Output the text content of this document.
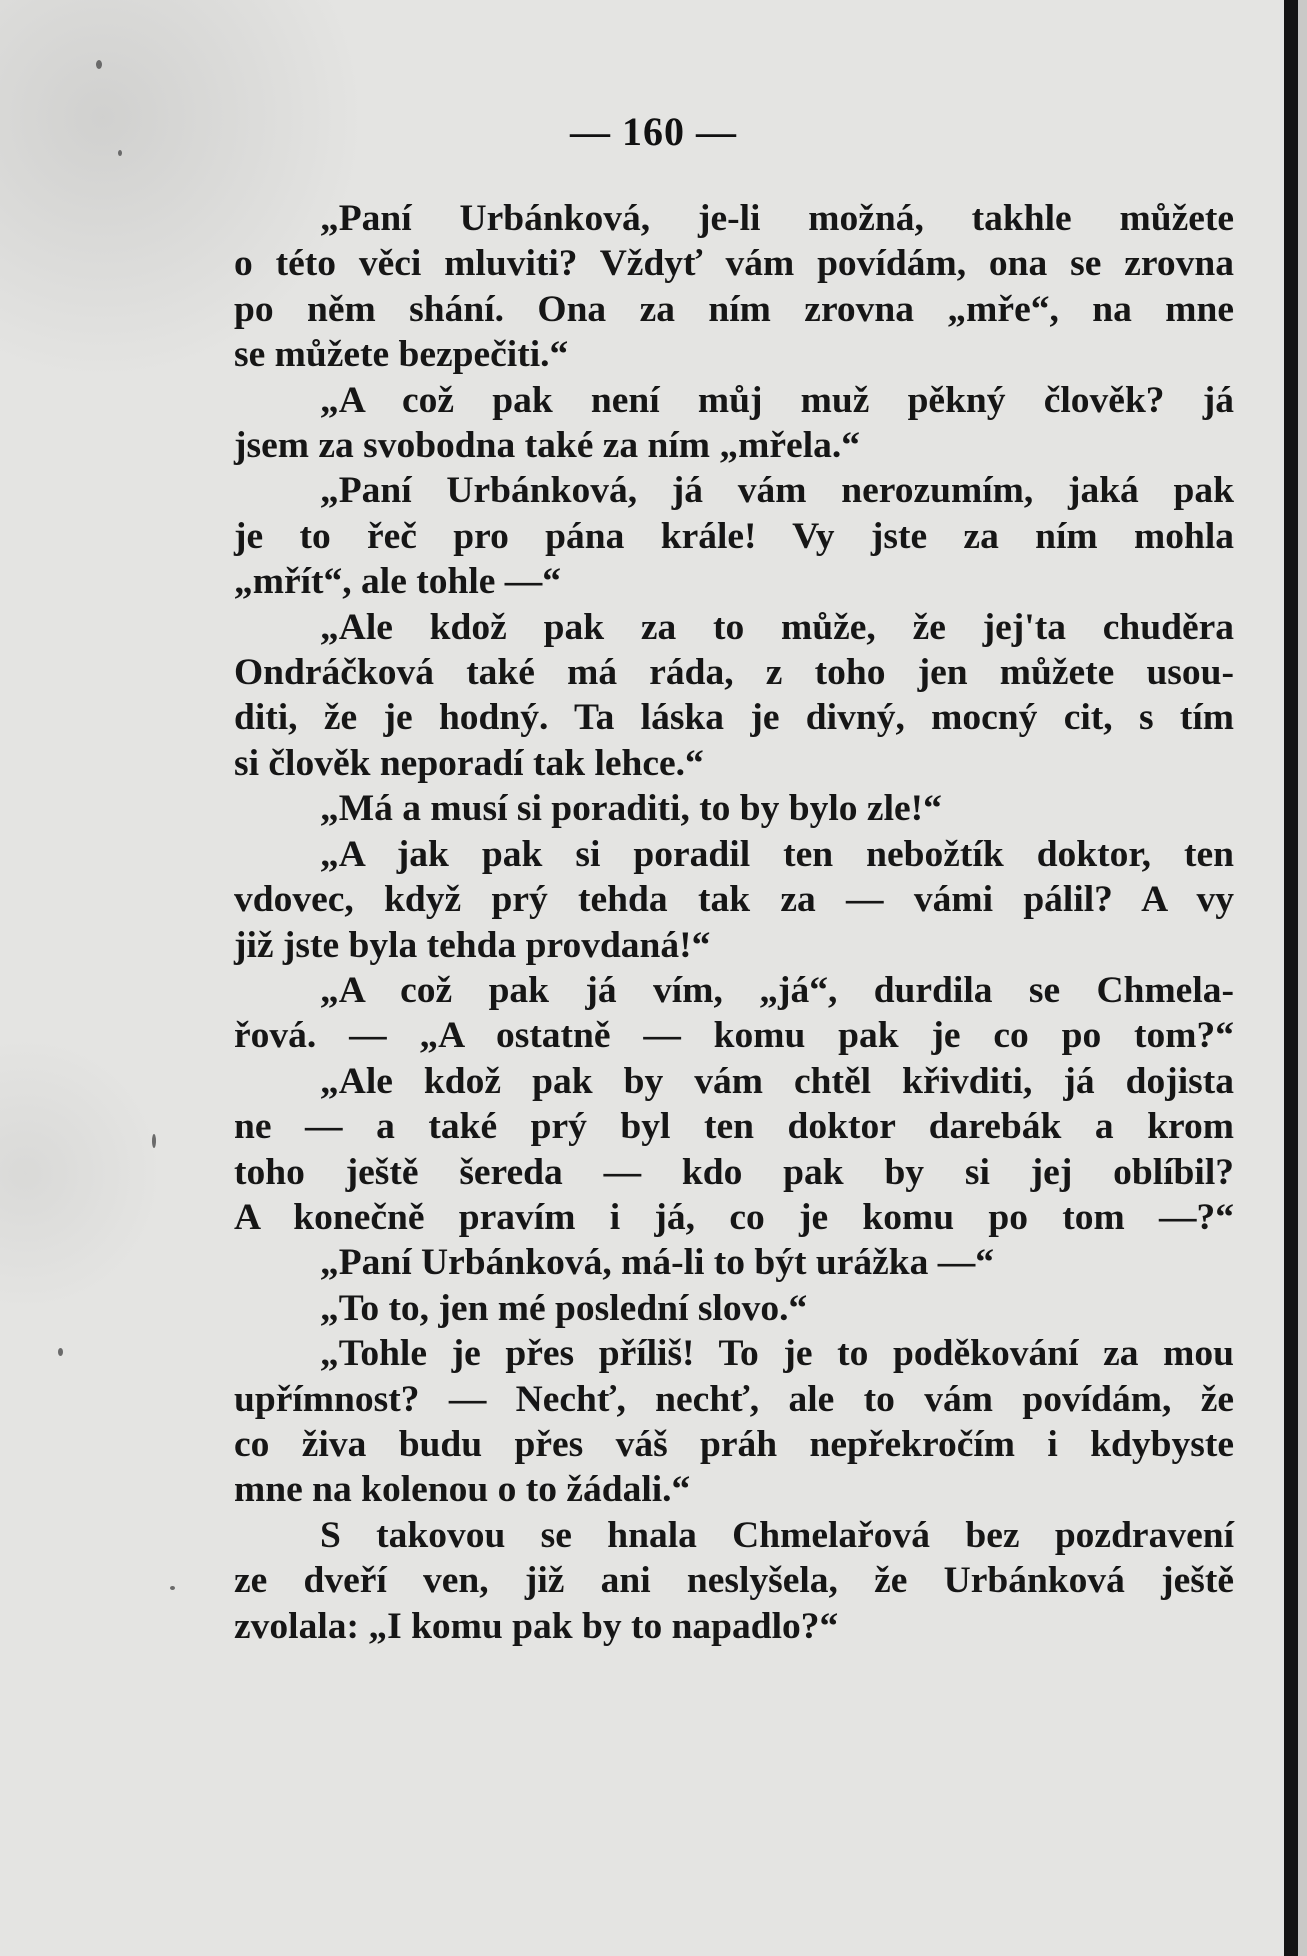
— 160 —
„Paní Urbánková, je-li možná, takhle můžete
o této věci mluviti? Vždyť vám povídám, ona se zrovna
po něm shání. Ona za ním zrovna „mře“, na mne
se můžete bezpečiti.“
„A což pak není můj muž pěkný člověk? já
jsem za svobodna také za ním „mřela.“
„Paní Urbánková, já vám nerozumím, jaká pak
je to řeč pro pána krále! Vy jste za ním mohla
„mřít“, ale tohle —“
„Ale kdož pak za to může, že jej'ta chuděra
Ondráčková také má ráda, z toho jen můžete usou-
diti, že je hodný. Ta láska je divný, mocný cit, s tím
si člověk neporadí tak lehce.“
„Má a musí si poraditi, to by bylo zle!“
„A jak pak si poradil ten nebožtík doktor, ten
vdovec, když prý tehda tak za — vámi pálil? A vy
již jste byla tehda provdaná!“
„A což pak já vím, „já“, durdila se Chmela-
řová. — „A ostatně — komu pak je co po tom?“
„Ale kdož pak by vám chtěl křivditi, já dojista
ne — a také prý byl ten doktor darebák a krom
toho ještě šereda — kdo pak by si jej oblíbil?
A konečně pravím i já, co je komu po tom —?“
„Paní Urbánková, má-li to být urážka —“
„To to, jen mé poslední slovo.“
„Tohle je přes příliš! To je to poděkování za mou
upřímnost? — Nechť, nechť, ale to vám povídám, že
co živa budu přes váš práh nepřekročím i kdybyste
mne na kolenou o to žádali.“
S takovou se hnala Chmelařová bez pozdravení
ze dveří ven, již ani neslyšela, že Urbánková ještě
zvolala: „I komu pak by to napadlo?“
